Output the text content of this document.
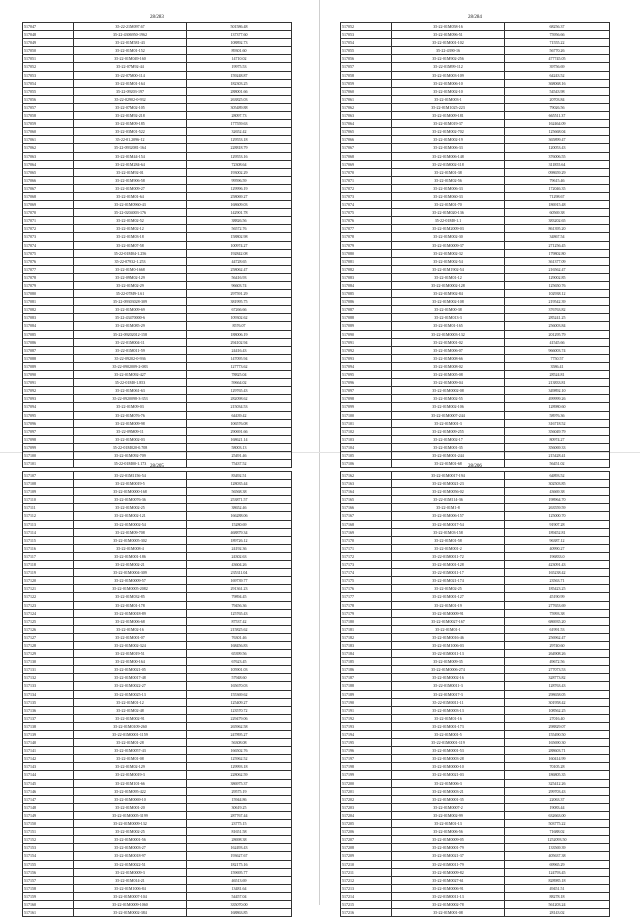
28/283
517047	35-22-21M097.67	501586.48
517048	35-22-4306950-1962	137377.60
517049	35-22-01M581-43	108892.73
517050	35-22-01M01-152	89301.60
517051	35-22-01M049-160	14710.02
517052	35-22-07M92-44	19975.53
517053	35-22-07M00-114	159248.87
517054	35-22-01M01-164	182303.25
517055	35-22-09203-197	288001.66
517056	35-22-02902-0-932	263825.03
517057	35-22-07M02-105	305489.88
517058	35-22-01M92-218	28097.73
517059	35-22-01M09-185	177559.63
517060	35-22-03M01-522	32652.42
517061	35-22-01.2096-12	129553.18
517062	35-22-0932081-164	228818.79
517063	35-22-01M44-154	129553.16
517064	35-22-01M284-64	72308.64
517065	35-22-01M92-01	193002.29
517066	35-22-01M906-58	99596.59
517067	35-22-01M009-27	129996.19
517068	35-22-01M01-64	258069.27
517069	35-22-01M0960-43	168609.03
517070	35-22-0204003-176	142901.78
517071	35-22-01M02-52	38826.56
517072	35-22-01M02-12	56572.76
517073	35-22-01M03-18	158802.98
517074	35-22-01M07-58	100974.27
517075	35-22-01M04-1.256	192842.08
517076	35-22-07932-1.253	44728.65
517077	35-22-01M0-1668	258062.47
517078	35-22-09M02-129	56416.93
517079	35-22-01M02-29	96603.74
517080	35-22-07M9-1.61	297591.29
517081	35-22-09303028-309	381995.75
517082	35-22-01M009-69	67266.66
517083	35-22-43470000-6	109302.62
517084	35-22-01M085-29	8576.07
517085	35-22-09202012-158	188006.19
517086	35-22-01M004-11	294102.94
517087	35-22-01M011-59	24416.43
517088	35-22-09202-0-936	147095.94
517089	35-22-0902009-2-083	127773.62
517090	35-22-01M092-427	78825.04
517091	35-22-01M0-1.853	59664.02
517092	35-22-01M061-63	129765.43
517093	35-22-0920098-3-353	282098.62
517094	35-22-01M09-03	215034.53
517095	35-22-01M076-76	64439.42
517096	35-22-01M009-98	106576.08
517097	35-22-09M09-11	290691.66
517098	35-22-01M002-03	168621.14
517099	35-22-01M020-0.708	58003.13
517100	35-22-01M092-709	25491.46
517101	35-22-01M00-1.173	75437.52
28/284
517052	35-22-01M058-16	68256.37
517053	35-22-01M096-51	75956.66
517054	35-22-01M001-102	71555.22
517055	35-22-4390-16	56770.26
517056	35-22-01M902-256	477745.05
517057	35-22-01M99-112	39756.69
517058	35-22-01M003-109	64243.52
517059	35-22-01M006-10	368068.16
517060	35-22-01M002-10	54543.98
517061	35-22-01M003-1	20703.84
517062	35-22-01M1025-223	79026.56
517063	35-22-01M009-181	665511.37
517064	35-22-01M019-37	162464.09
517065	35-22-01M002-702	125668.04
517066	35-22-01M002-19	365899.47
517067	35-22-01M006-33	120053.43
517068	35-22-01M006-148	376006.55
517069	35-22-01M002-118	311855.64
517070	35-22-01M01-38	098659.29
517071	35-22-01M02-56	79615.46
517072	35-22-01M006-33	172046.35
517073	35-22-01M060-33	71298.67
517074	35-22-01M01-70	186915.48
517075	35-22-01M020-136	60569.38
517076	35-22-01M0-1.1	383202.65
517077	35-22-01M2009-03	861395.20
517078	35-22-01M002-30	34867.54
517079	35-22-01M0009-37	271256.45
517080	35-22-01M002-32	179802.80
517081	35-22-01M002-54	361377.09
517082	35-22-01M1902-54	216562.47
517083	35-22-01M01-12	129002.85
517084	35-22-01M0002-128	125650.76
517085	35-22-01M902-84	102938.12
517086	35-22-01M002-108	219542.39
517087	35-22-01M00-38	376763.82
517088	35-22-01M013-3	285241.25
517089	35-22-01M01-165	256003.84
517090	35-22-01M0003-132	201295.79
517091	35-22-01M001-02	41545.66
517092	35-22-01M006-07	966003.74
517093	35-22-01M008-66	7750.57
517094	35-22-01M008-02	3586.41
517095	35-22-01M005-08	28524.81
517096	35-22-01M009-04	213833.81
517097	35-22-01M0002-08	349892.10
517098	35-22-01M002-55	499999.26
517099	35-22-01M002-106	128980.60
517100	35-22-01M0007-244	58976.36
517101	35-22-01M001-3	316718.52
517102	35-22-01M009-255	356049.79
517103	35-22-01M002-17	80974.27
517104	35-22-01M001-35	356069.33
517105	35-22-01M001-244	215428.41
517106	35-22-01M01-68	56451.02
28/205
517107	35-22-01M1156-54	83492.51
517108	35-22-01M0019-5	128035.44
517109	35-22-01M0000-168	56568.38
517110	35-22-01M0076-36	253871.57
517111	35-22-01M002-25	38652.46
517112	35-22-01M002-121	166288.06
517113	35-22-01M0002-54	15280.69
517114	35-22-01M09-708	468879.34
517115	35-22-01M0005-302	189726.12
517116	35-22-01M008-4	24192.36
517117	35-22-01M001-186	24302.63
517118	35-22-01M002-21	43604.26
517119	35-22-01M0004-309	235311.04
517120	35-22-01M0009-57	169739.77
517121	35-22-01M0005-2082	291361.23
517122	35-22-01M032-85	79894.45
517123	35-22-01M01-178	79456.36
517124	35-22-01M0018-89	125765.43
517125	35-22-01M006-68	87537.42
517126	35-22-01M02-16	215825.62
517127	35-22-01M001-07	76301.46
517128	35-22-01M002-324	168456.83
517129	35-22-01M019-51	65399.56
517130	35-22-01M00-164	67623.45
517131	35-22-01M0021-05	105901.03
517132	35-22-01M0017-48	57948.60
517133	35-22-01M0022-27	165670.03
517134	35-22-01M0025-13	155369.62
517135	35-22-01M01-12	125409.27
517136	35-22-01M02-48	123570.72
517137	35-22-01M002-91	229479.06
517138	35-22-01M0109-260	265962.58
517139	35-22-01M0001-1159	247895.27
517140	35-22-01M01-28	56308.08
517141	35-22-01M0057-43	166502.76
517142	35-22-01M01-08	125962.52
517143	35-22-01M02-129	129993.18
517144	35-22-01M0019-3	228062.59
517145	35-22-01M101-66	386975.37
517146	35-22-01M095-422	29575.19
517147	35-22-01M0069-10	15944.86
517148	35-22-01M001-20	30619.25
517149	35-22-01M0005-3199	287767.44
517150	35-22-01M0009-132	23775.15
517151	35-22-01M002-25	81651.58
517152	35-22-01M0001-56	28698.38
517153	35-22-01M0003-27	162493.43
517154	35-22-01M0018-97	193627.67
517155	35-22-01M0022-51	182175.16
517156	35-22-01M0009-3	159695.77
517157	35-22-01M014-21	46513.69
517158	35-22-01M1006-84	13481.64
517159	35-22-01M0007-104	54457.04
517160	35-22-01M0009-1060	335070.00
517161	35-22-01M0002-384	168863.85
28/206
517162	35-22-01M0017-194	64893.52
517163	35-22-01M0021-23	302503.85
517164	35-22-01M0056-02	43669.38
517165	35-22-01M114-36	198964.70
517166	35-22-01M1-8	263559.59
517167	35-22-01M006-157	125000.70
517168	35-22-01M0017-54	91907.28
517169	35-22-01M03-158	189452.81
517170	35-22-01M01-58	96387.12
517171	35-22-01M001-2	40990.27
517172	35-22-01M0011-72	196833.0
517173	35-22-01M001-128	423091.43
517174	35-22-01M0011-17	165238.42
517175	35-22-01M021-174	23563.71
517176	35-22-01M02-25	185423.25
517177	35-22-01M001-127	45190.99
517178	35-22-01M01-19	277653.69
517179	35-22-01M0009-91	75993.38
517180	35-22-01M0027-167	686935.20
517181	35-22-01M01-1	61991.53
517182	35-22-01M0016-46	256962.47
517183	35-22-01M1006-03	29740.60
517184	35-22-01M0011-13	264908.26
517185	35-22-01M009-35	49672.56
517186	35-22-01M0006-274	277073.53
517187	35-22-01M0002-16	328773.82
517188	35-22-01M0011-3	128763.43
517189	35-22-01M0017-3	298658.05
517190	35-22-01M0011-11	301958.42
517191	35-22-01M0003-13	108562.25
517192	35-22-01M01-16	27016.40
517193	35-22-01M001-173	298829.07
517194	35-22-01M001-5	155490.50
517195	35-22-01M0001-119	165690.30
517196	35-22-01M0001-53	288603.71
517197	35-22-01M0003-28	160414.99
517198	35-22-01M0000-10	70105.28
517199	35-22-01M0021-03	186805.35
517200	35-22-01M006-3	325412.26
517201	35-22-01M0003-21	299703.43
517202	35-22-01M0001-35	22063.37
517203	35-22-01M0007-2	19083.44
517204	35-22-01M002-99	632663.00
517205	35-22-01M01-13	503775.22
517206	35-22-01M006-56	71688.02
517207	35-22-01M0009-05	1252093.50
517208	35-22-01M0001-79	133569.39
517209	35-22-01M0021-37	405637.38
517210	35-22-01M0011-79	69965.29
517211	35-22-01M0009-82	124793.45
517212	35-22-01M0027-61	828985.18
517213	35-22-01M0006-91	49451.51
517214	35-22-01M0011-13	88278.18
517215	35-22-01M0002-78	561203.24
517216	35-22-01M001-08	28143.02
